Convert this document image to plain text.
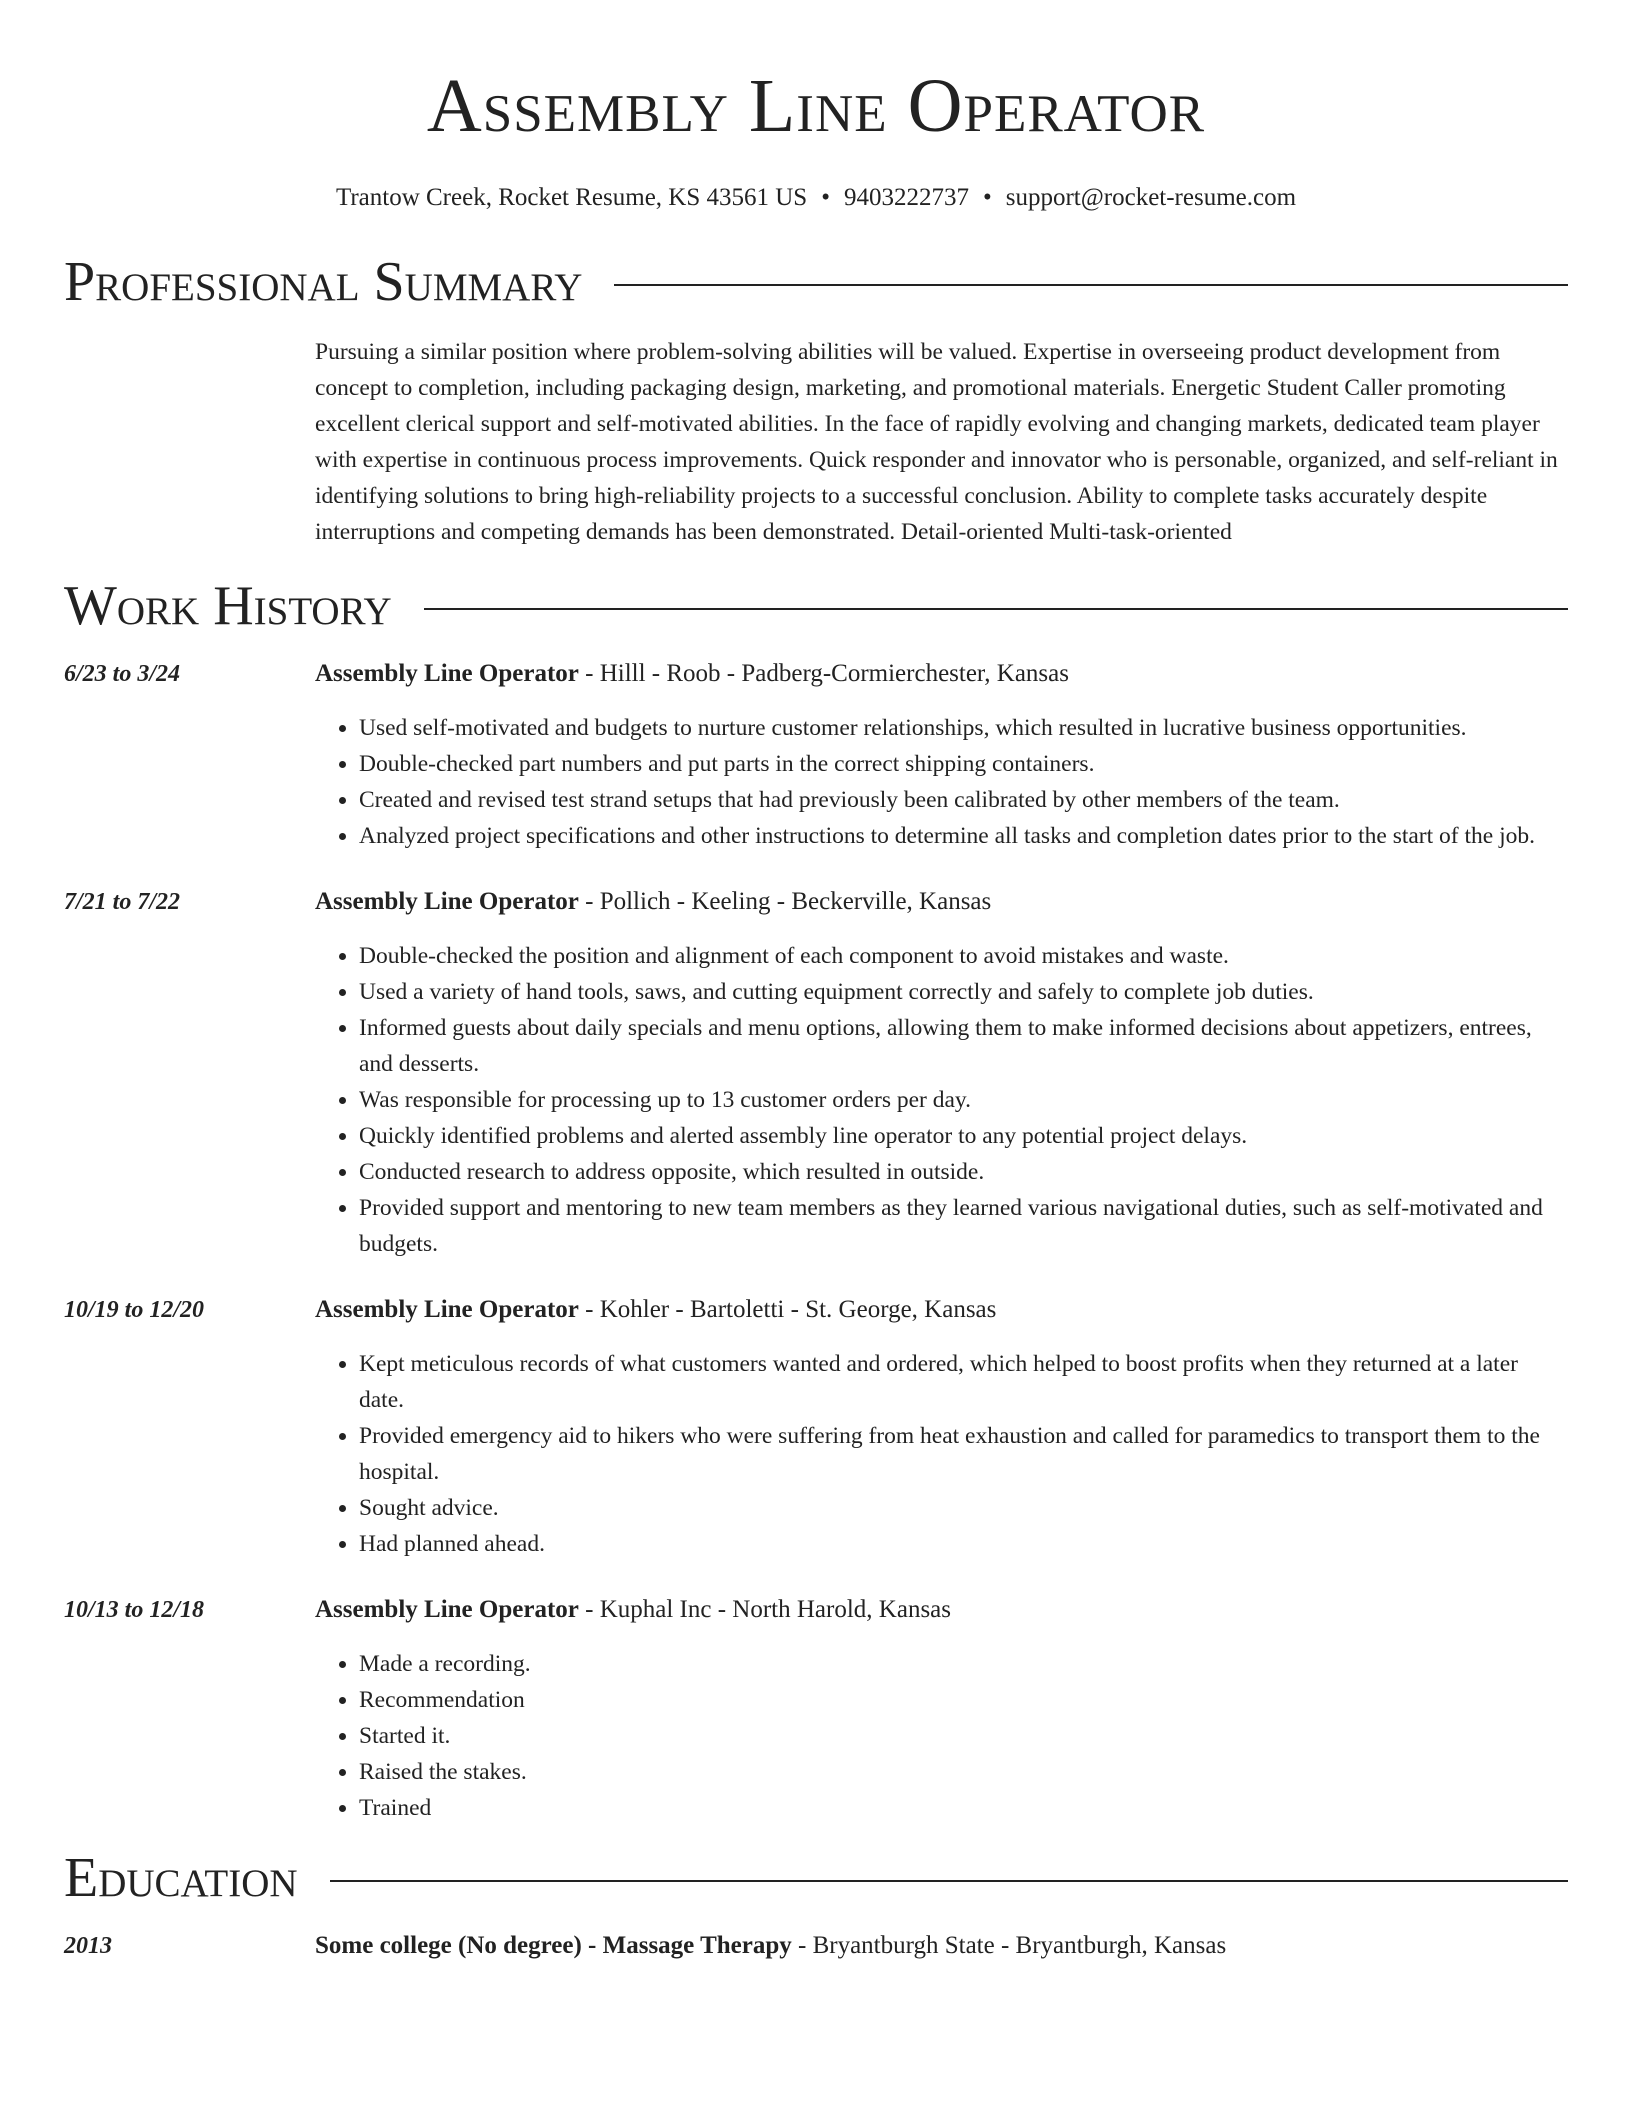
Assembly Line Operator
Trantow Creek, Rocket Resume, KS 43561 US • 9403222737 • support@rocket-resume.com
Professional Summary
Pursuing a similar position where problem-solving abilities will be valued. Expertise in overseeing product development from concept to completion, including packaging design, marketing, and promotional materials. Energetic Student Caller promoting excellent clerical support and self-motivated abilities. In the face of rapidly evolving and changing markets, dedicated team player with expertise in continuous process improvements. Quick responder and innovator who is personable, organized, and self-reliant in identifying solutions to bring high-reliability projects to a successful conclusion. Ability to complete tasks accurately despite interruptions and competing demands has been demonstrated. Detail-oriented Multi-task-oriented
Work History
6/23 to 3/24	Assembly Line Operator - Hilll - Roob - Padberg-Cormierchester, Kansas
• Used self-motivated and budgets to nurture customer relationships, which resulted in lucrative business opportunities.
• Double-checked part numbers and put parts in the correct shipping containers.
• Created and revised test strand setups that had previously been calibrated by other members of the team.
• Analyzed project specifications and other instructions to determine all tasks and completion dates prior to the start of the job.
7/21 to 7/22	Assembly Line Operator - Pollich - Keeling - Beckerville, Kansas
• Double-checked the position and alignment of each component to avoid mistakes and waste.
• Used a variety of hand tools, saws, and cutting equipment correctly and safely to complete job duties.
• Informed guests about daily specials and menu options, allowing them to make informed decisions about appetizers, entrees, and desserts.
• Was responsible for processing up to 13 customer orders per day.
• Quickly identified problems and alerted assembly line operator to any potential project delays.
• Conducted research to address opposite, which resulted in outside.
• Provided support and mentoring to new team members as they learned various navigational duties, such as self-motivated and budgets.
10/19 to 12/20	Assembly Line Operator - Kohler - Bartoletti - St. George, Kansas
• Kept meticulous records of what customers wanted and ordered, which helped to boost profits when they returned at a later date.
• Provided emergency aid to hikers who were suffering from heat exhaustion and called for paramedics to transport them to the hospital.
• Sought advice.
• Had planned ahead.
10/13 to 12/18	Assembly Line Operator - Kuphal Inc - North Harold, Kansas
• Made a recording.
• Recommendation
• Started it.
• Raised the stakes.
• Trained
Education
2013	Some college (No degree) - Massage Therapy - Bryantburgh State - Bryantburgh, Kansas
